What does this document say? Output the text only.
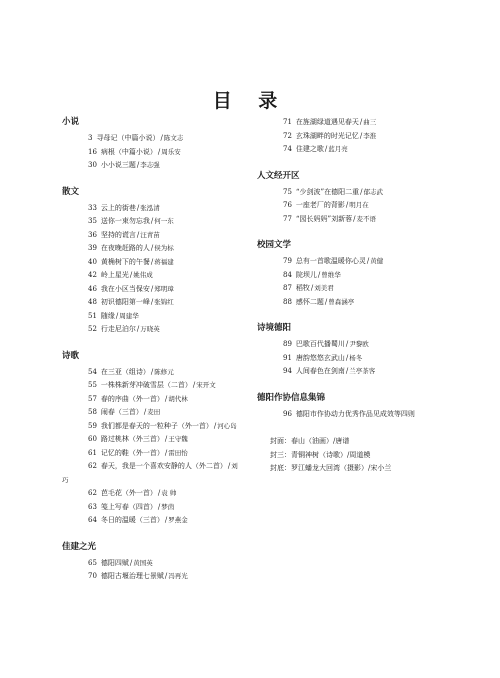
目 录
小说
3 寻母记（中篇小说）/陈文志
16 病根（中篇小说）/周乐安
30 小小说三题/李志强
散文
33 云上的街巷/张泓清
35 送你一束勿忘我/何一东
36 坚持的谎言/汪青苗
39 在夜晚赶路的人/侯为标
40 黄桷树下的午餐/蒋福建
42 岭上星光/姚伟成
46 我在小区当保安/郑明璋
48 初识德阳第一峰/张锦红
51 随缘/周建华
52 行走尼泊尔/万晓英
诗歌
54 在三亚（组诗）/陈修元
55 一株株新芽冲破雪层（二首）/宋开文
57 春的序曲（外一首）/胡代林
58 闹春（三首）/麦田
59 我们都是春天的一粒种子（外一首）/河心岛
60 路过桃林（外三首）/王守魏
61 记忆的鞋（外一首）/雷田怡
62 春天，我是一个喜欢安静的人（外二首）/刘巧
62 芭毛花（外一首）/袁 帅
63 笺上写春（四首）/梦茵
64 冬日的温暖（三首）/罗燕金
佳建之光
65 德阳四赋/黄国英
70 德阳古堰治理七景赋/冯再光
71 在旌湖绿道遇见春天/曲三
72 玄珠湖畔的时光记忆/李淮
74 住建之歌/蓝月亮
人文经开区
75 “少剑波”在德阳二重/郁志武
76 一座老厂的背影/明月在
77 “园长妈妈”刘新蓉/麦不语
校园文学
79 总有一首歌温暖你心灵/黄健
84 院坝儿/曾维华
87 稻牧/刘美君
88 感怀二题/曾森涵亭
诗境德阳
89 巴歌百代播蜀川/尹黎欧
91 唐韵悠悠玄武山/杨冬
94 人间春色在剑南/兰亭茶客
德阳作协信息集锦
96 德阳市作协动力优秀作品见成效等四则
封面：春山（油画）/唐谱
封三：青铜神树（诗歌）/周道模
封底：罗江蟠龙大回湾（摄影）/宋小兰
